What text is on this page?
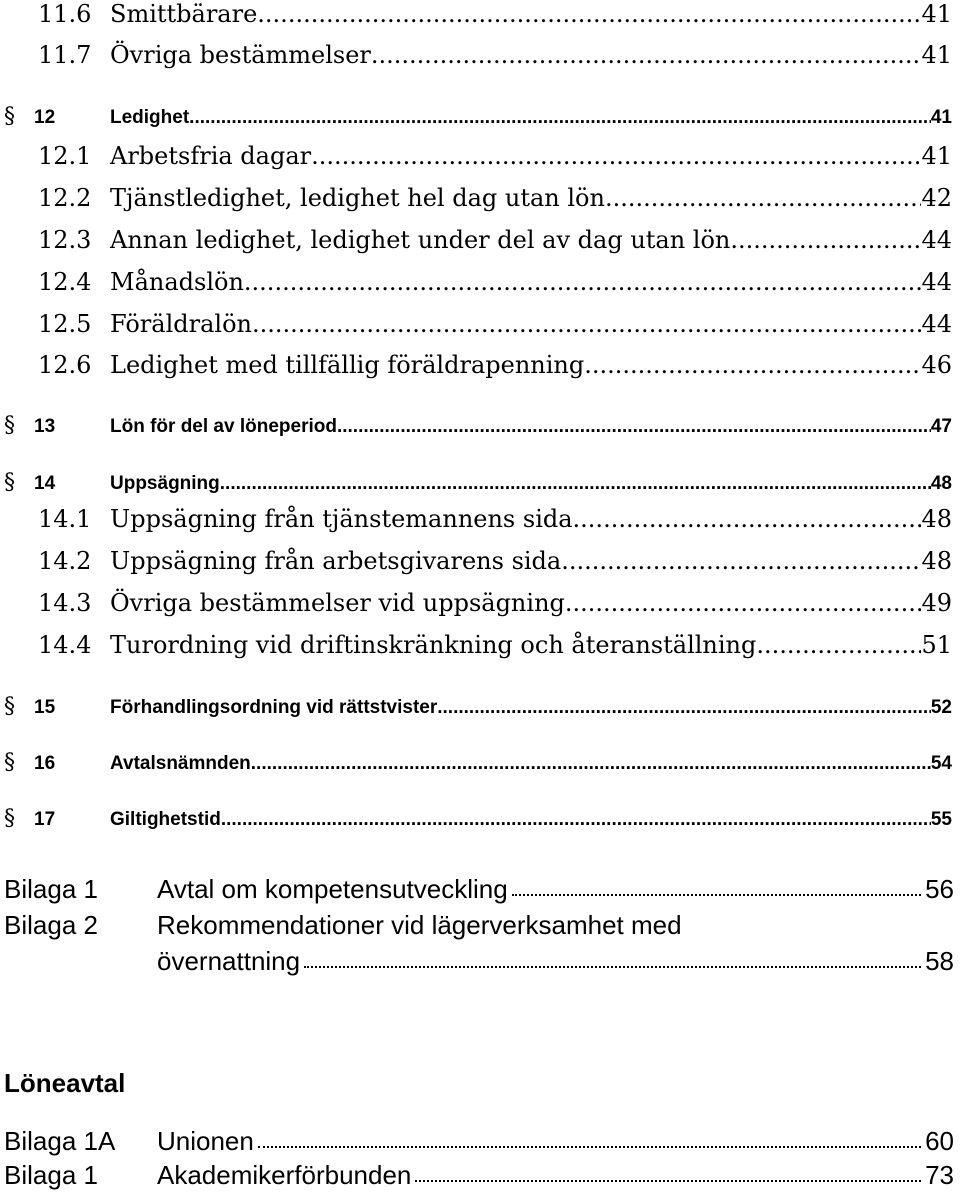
11.6 Smittbärare .....	41
11.7 Övriga bestämmelser .....	41
§	12	Ledighet .....	41
12.1 Arbetsfria dagar .....	41
12.2 Tjänstledighet, ledighet hel dag utan lön .....	42
12.3 Annan ledighet, ledighet under del av dag utan lön .....	44
12.4 Månadslön .....	44
12.5 Föräldralön .....	44
12.6 Ledighet med tillfällig föräldrapenning .....	46
§	13	Lön för del av löneperiod .....	47
§	14	Uppsägning .....	48
14.1 Uppsägning från tjänstemannens sida .....	48
14.2 Uppsägning från arbetsgivarens sida .....	48
14.3 Övriga bestämmelser vid uppsägning .....	49
14.4 Turordning vid driftinskränkning och återanställning .....	51
§	15	Förhandlingsordning vid rättstvister .....	52
§	16	Avtalsnämnden .....	54
§	17	Giltighetstid .....	55
Bilaga 1	Avtal om kompetensutveckling	56
Bilaga 2	Rekommendationer vid lägerverksamhet med
övernattning	58
Löneavtal
Bilaga 1A	Unionen	60
Bilaga 1	Akademikerförbunden	73
